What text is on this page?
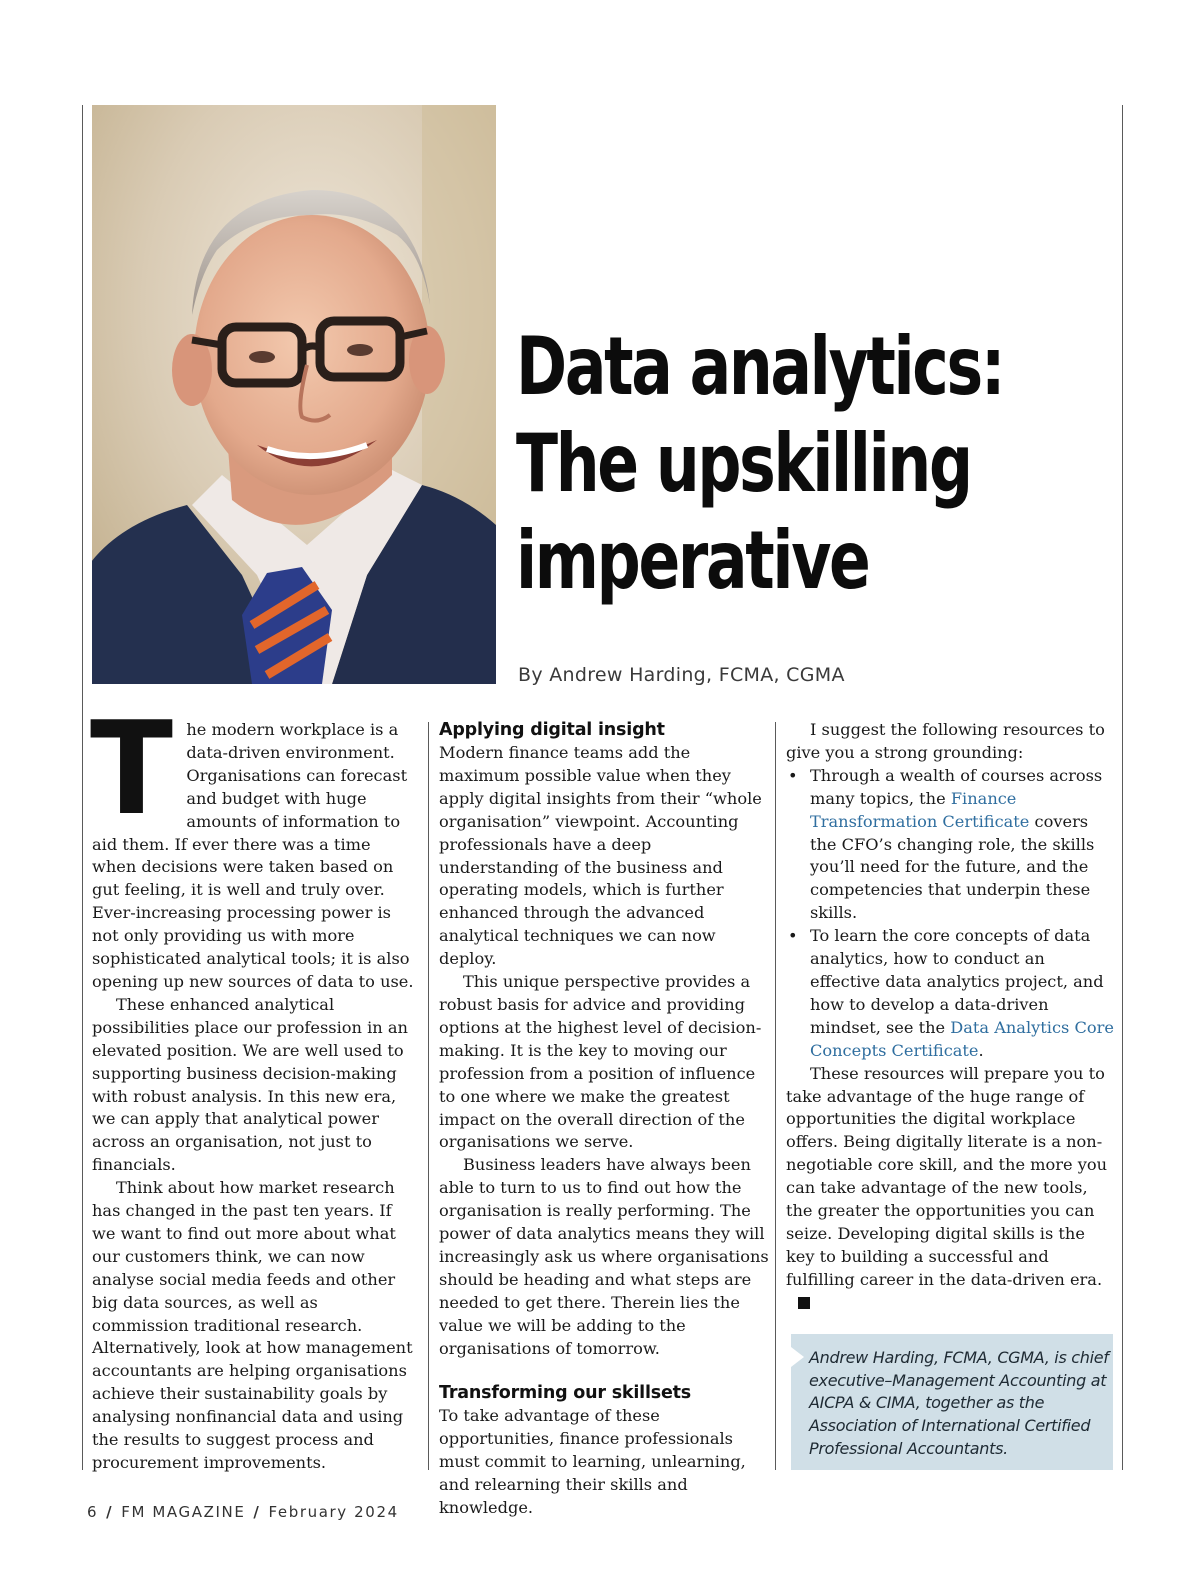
Data analytics:
The upskilling
imperative

By Andrew Harding, FCMA, CGMA

T he modern workplace is a data-driven environment. Organisations can forecast and budget with huge amounts of information to aid them. If ever there was a time when decisions were taken based on gut feeling, it is well and truly over. Ever-increasing processing power is not only providing us with more sophisticated analytical tools; it is also opening up new sources of data to use.

These enhanced analytical possibilities place our profession in an elevated position. We are well used to supporting business decision-making with robust analysis. In this new era, we can apply that analytical power across an organisation, not just to financials.

Think about how market research has changed in the past ten years. If we want to find out more about what our customers think, we can now analyse social media feeds and other big data sources, as well as commission traditional research. Alternatively, look at how management accountants are helping organisations achieve their sustainability goals by analysing nonfinancial data and using the results to suggest process and procurement improvements.

Applying digital insight

Modern finance teams add the maximum possible value when they apply digital insights from their “whole organisation” viewpoint. Accounting professionals have a deep understanding of the business and operating models, which is further enhanced through the advanced analytical techniques we can now deploy.

This unique perspective provides a robust basis for advice and providing options at the highest level of decision-making. It is the key to moving our profession from a position of influence to one where we make the greatest impact on the overall direction of the organisations we serve.

Business leaders have always been able to turn to us to find out how the organisation is really performing. The power of data analytics means they will increasingly ask us where organisations should be heading and what steps are needed to get there. Therein lies the value we will be adding to the organisations of tomorrow.

Transforming our skillsets

To take advantage of these opportunities, finance professionals must commit to learning, unlearning, and relearning their skills and knowledge.

I suggest the following resources to give you a strong grounding:

• Through a wealth of courses across many topics, the Finance Transformation Certificate covers the CFO’s changing role, the skills you’ll need for the future, and the competencies that underpin these skills.
• To learn the core concepts of data analytics, how to conduct an effective data analytics project, and how to develop a data-driven mindset, see the Data Analytics Core Concepts Certificate.

These resources will prepare you to take advantage of the huge range of opportunities the digital workplace offers. Being digitally literate is a non-negotiable core skill, and the more you can take advantage of the new tools, the greater the opportunities you can seize. Developing digital skills is the key to building a successful and fulfilling career in the data-driven era.

Andrew Harding, FCMA, CGMA, is chief executive–Management Accounting at AICPA & CIMA, together as the Association of International Certified Professional Accountants.

6 / FM MAGAZINE / February 2024
